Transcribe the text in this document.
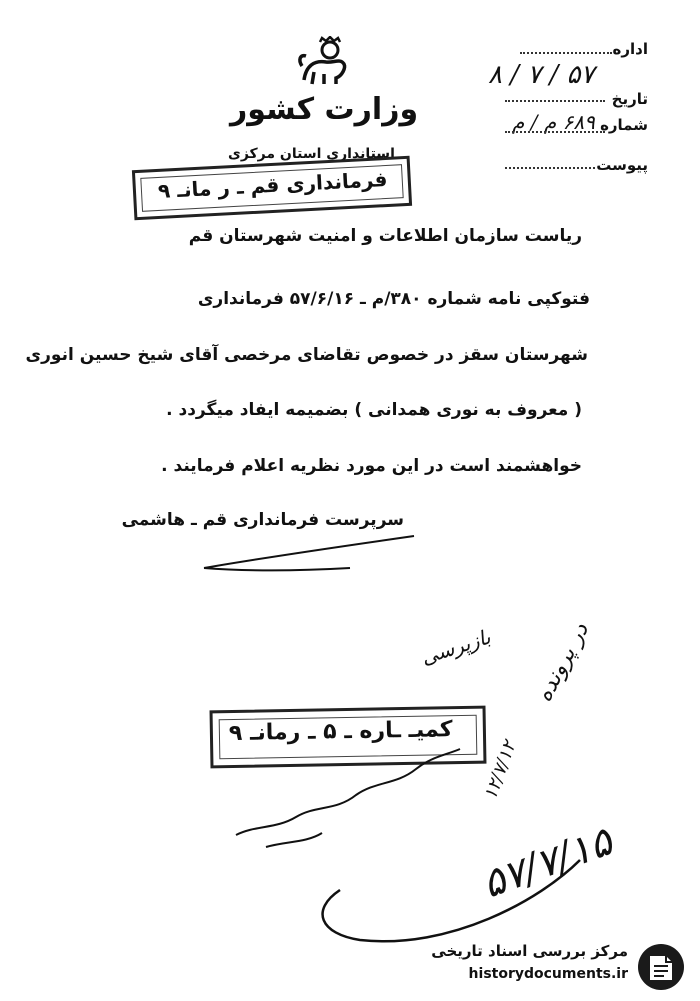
وزارت کشور
استانداری استان مرکزی
فرمانداری قم ـ ر مانـ ۹
اداره
تاریخ
۵۷ / ۷ / ۸
شماره
۶۸۹ م / م
پیوست
ریاست سازمان اطلاعات و امنیت شهرستان قم
فتوکپی نامه شماره ۳۸۰/م ـ ۵۷/۶/۱۶ فرمانداری
شهرستان سقز در خصوص تقاضای مرخصی آقای شیخ حسین انوری
( معروف به نوری همدانی ) بضمیمه ایفاد میگردد .
خواهشمند است در این مورد نظریه اعلام فرمایند .
سرپرست فرمانداری قم ـ هاشمی
بازپرسی در پرونده
کمیـ ـاره ـ ۵ ـ رمانـ ۹
۱۲/۷/۱۲
۵۷/۷/۱۵
مرکز بررسی اسناد تاریخی
historydocuments.ir
